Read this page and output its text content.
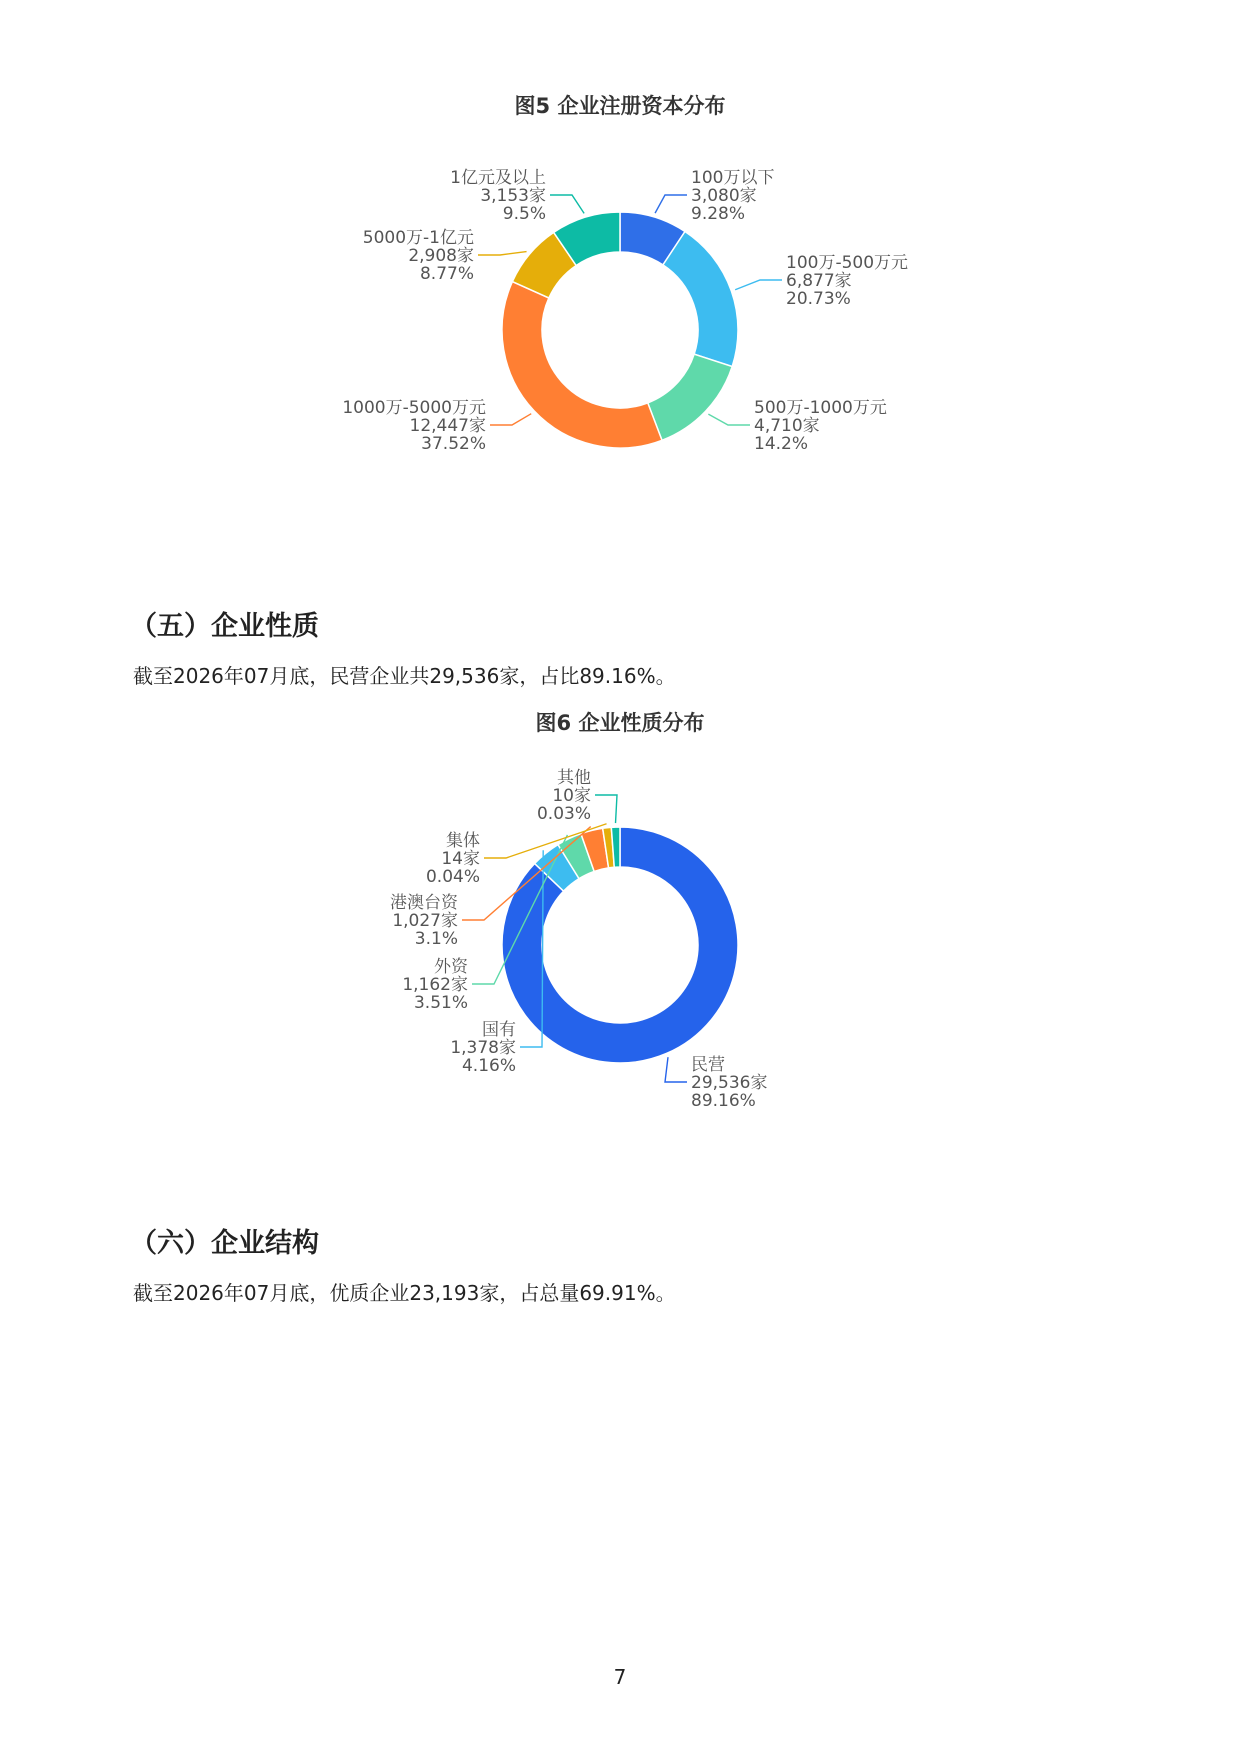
图5 企业注册资本分布
100万以下
3,080家
9.28%
100万-500万元
6,877家
20.73%
500万-1000万元
4,710家
14.2%
1000万-5000万元
12,447家
37.52%
5000万-1亿元
2,908家
8.77%
1亿元及以上
3,153家
9.5%
（五）企业性质
截至2026年07月底，民营企业共29,536家，占比89.16%。
图6 企业性质分布
民营
29,536家
89.16%
国有
1,378家
4.16%
外资
1,162家
3.51%
港澳台资
1,027家
3.1%
集体
14家
0.04%
其他
10家
0.03%
（六）企业结构
截至2026年07月底，优质企业23,193家，占总量69.91%。
7
